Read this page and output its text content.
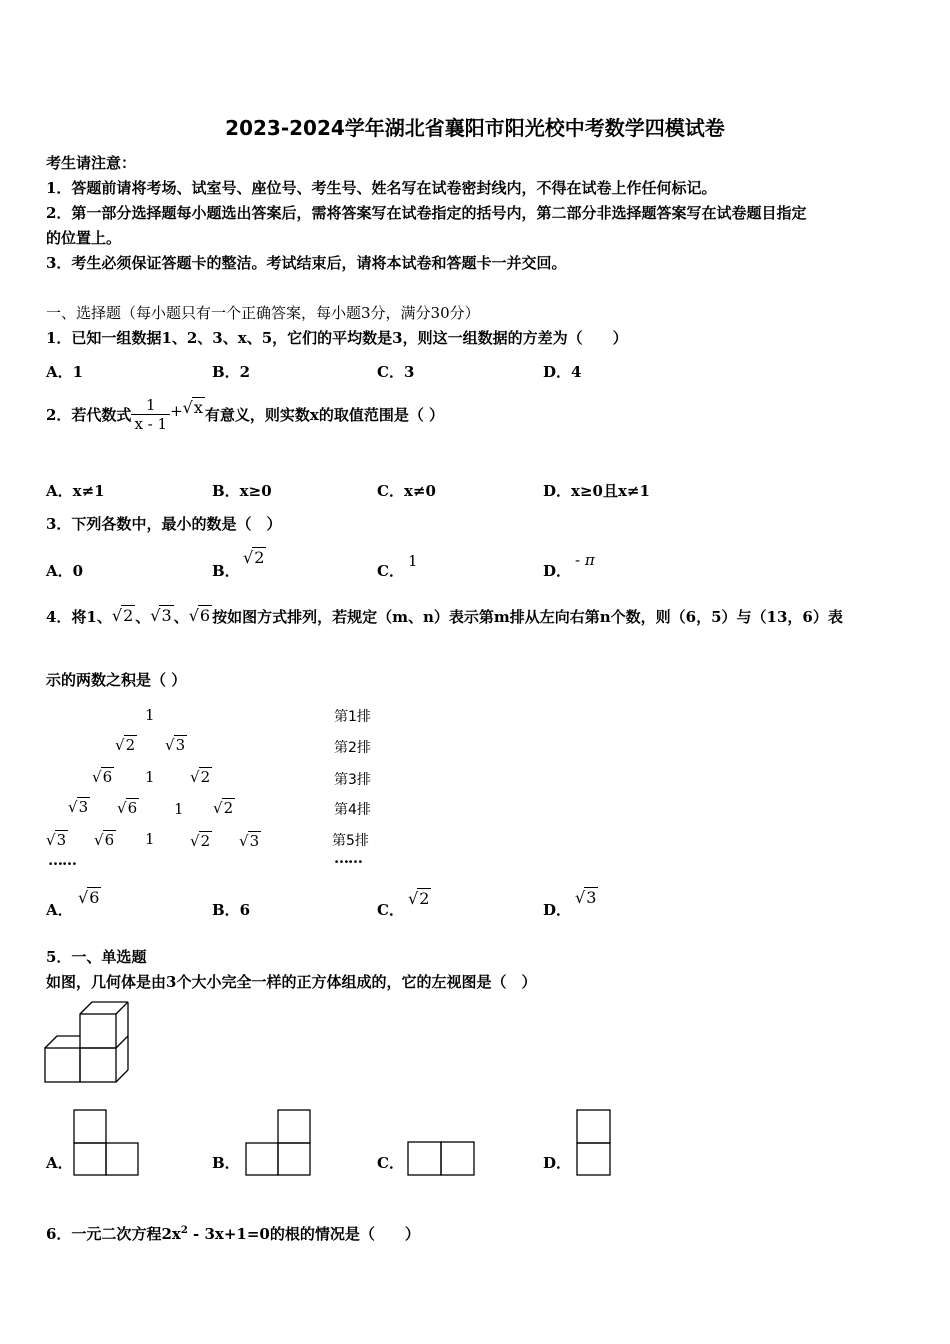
2023-2024学年湖北省襄阳市阳光校中考数学四模试卷
考生请注意：
1．答题前请将考场、试室号、座位号、考生号、姓名写在试卷密封线内，不得在试卷上作任何标记。
2．第一部分选择题每小题选出答案后，需将答案写在试卷指定的括号内，第二部分非选择题答案写在试卷题目指定
的位置上。
3．考生必须保证答题卡的整洁。考试结束后，请将本试卷和答题卡一并交回。
一、选择题（每小题只有一个正确答案，每小题3分，满分30分）
1．已知一组数据1、2、3、x、5，它们的平均数是3，则这一组数据的方差为（　　）
A．1	B．2	C．3	D．4
2．若代数式 $\frac{1}{x - 1} +√x$ 有意义，则实数x的取值范围是（ ）
A．x≠1	B．x≥0	C．x≠0	D．x≥0且x≠1
3．下列各数中，最小的数是（　）
A．0	B．
√2
C．
1
D．
- π
4．将1、√2 、√3 、√6 按如图方式排列，若规定（m、n）表示第m排从左向右第n个数，则（6，5）与（13，6）表
示的两数之积是（ ）
1
√2 √3
√6 1 √2
√3 √6 1 √2
√3 √6 1 √2 √3
……
第1排
第2排
第3排
第4排
第5排
……
A．
√6
B．6	C．
√2
D．
√3
5．一、单选题
如图，几何体是由3个大小完全一样的正方体组成的，它的左视图是（　）
A．	B．	C．	D．
6．一元二次方程$2x^2 - 3x+1=0$的根的情况是（　　）
